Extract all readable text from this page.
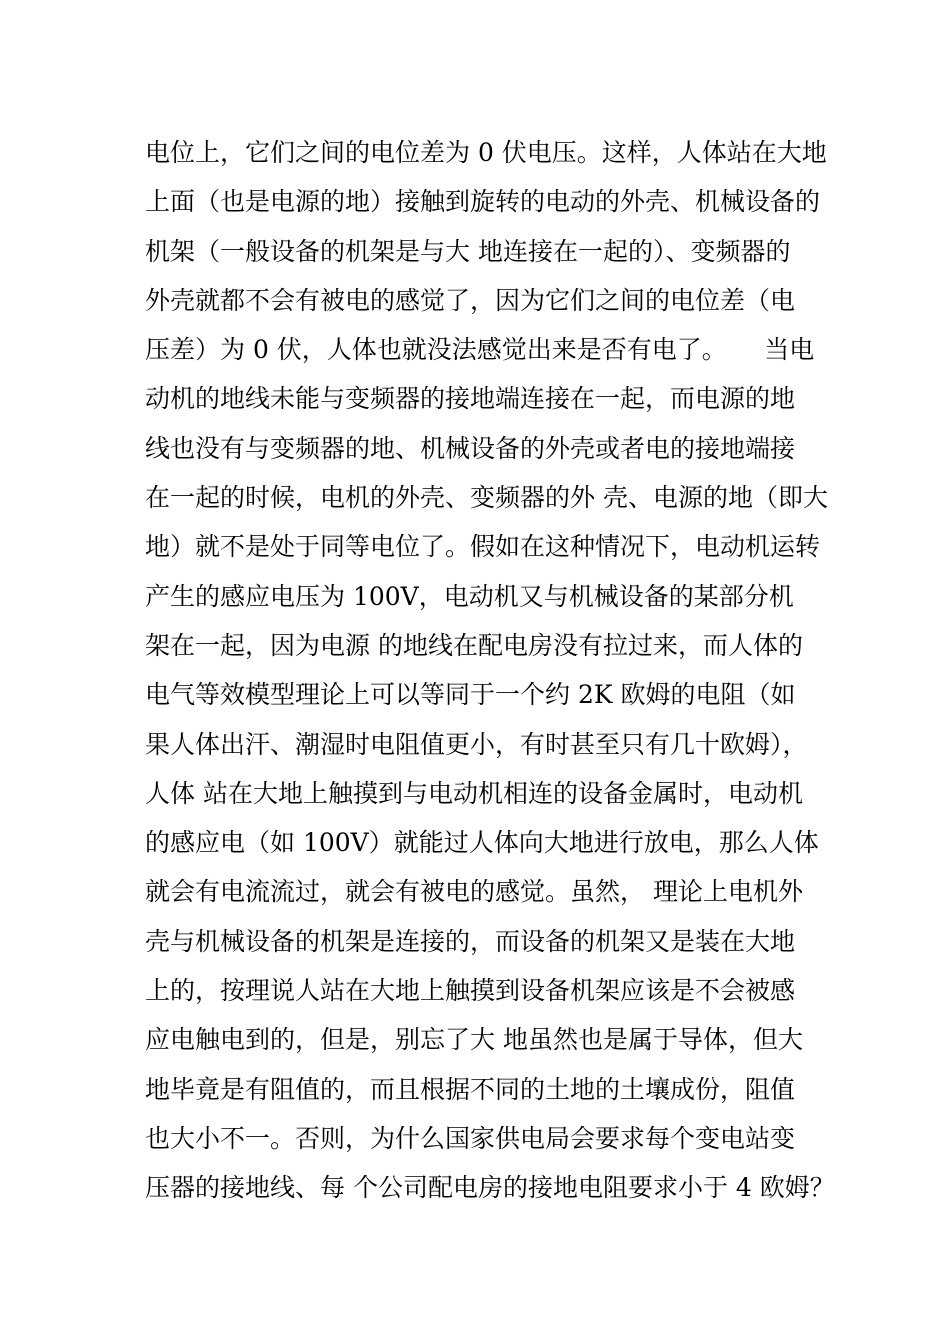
电位上，它们之间的电位差为 0 伏电压。这样，人体站在大地
上面（也是电源的地）接触到旋转的电动的外壳、机械设备的
机架（一般设备的机架是与大 地连接在一起的）、变频器的
外壳就都不会有被电的感觉了，因为它们之间的电位差（电
压差）为 0 伏，人体也就没法感觉出来是否有电了。　　当电
动机的地线未能与变频器的接地端连接在一起，而电源的地
线也没有与变频器的地、机械设备的外壳或者电的接地端接
在一起的时候，电机的外壳、变频器的外 壳、电源的地（即大
地）就不是处于同等电位了。假如在这种情况下，电动机运转
产生的感应电压为 100V，电动机又与机械设备的某部分机
架在一起，因为电源 的地线在配电房没有拉过来，而人体的
电气等效模型理论上可以等同于一个约 2K 欧姆的电阻（如
果人体出汗、潮湿时电阻值更小，有时甚至只有几十欧姆），
人体 站在大地上触摸到与电动机相连的设备金属时，电动机
的感应电（如 100V）就能过人体向大地进行放电，那么人体
就会有电流流过，就会有被电的感觉。虽然， 理论上电机外
壳与机械设备的机架是连接的，而设备的机架又是装在大地
上的，按理说人站在大地上触摸到设备机架应该是不会被感
应电触电到的，但是，别忘了大 地虽然也是属于导体，但大
地毕竟是有阻值的，而且根据不同的土地的土壤成份，阻值
也大小不一。否则，为什么国家供电局会要求每个变电站变
压器的接地线、每 个公司配电房的接地电阻要求小于 4 欧姆？
